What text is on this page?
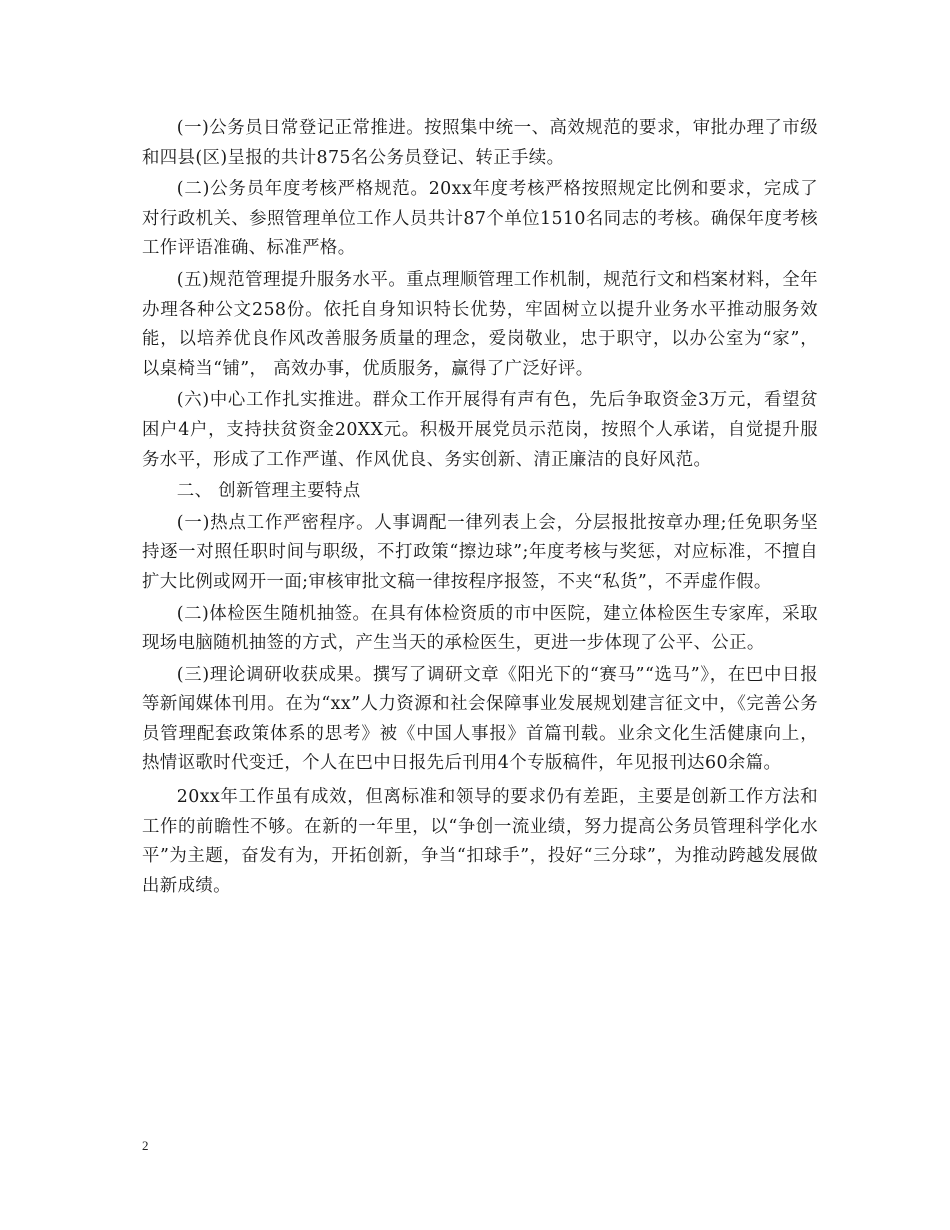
(一)公务员日常登记正常推进。按照集中统一、高效规范的要求，审批办理了市级和四县(区)呈报的共计875名公务员登记、转正手续。

(二)公务员年度考核严格规范。20xx年度考核严格按照规定比例和要求，完成了对行政机关、参照管理单位工作人员共计87个单位1510名同志的考核。确保年度考核工作评语准确、标准严格。

(五)规范管理提升服务水平。重点理顺管理工作机制，规范行文和档案材料，全年办理各种公文258份。依托自身知识特长优势，牢固树立以提升业务水平推动服务效能，以培养优良作风改善服务质量的理念，爱岗敬业，忠于职守，以办公室为“家”，以桌椅当“铺”， 高效办事，优质服务，赢得了广泛好评。

(六)中心工作扎实推进。群众工作开展得有声有色，先后争取资金3万元，看望贫困户4户，支持扶贫资金20XX元。积极开展党员示范岗，按照个人承诺，自觉提升服务水平，形成了工作严谨、作风优良、务实创新、清正廉洁的良好风范。

二、 创新管理主要特点

(一)热点工作严密程序。人事调配一律列表上会，分层报批按章办理;任免职务坚持逐一对照任职时间与职级，不打政策“擦边球”;年度考核与奖惩，对应标准，不擅自扩大比例或网开一面;审核审批文稿一律按程序报签，不夹“私货”，不弄虚作假。

(二)体检医生随机抽签。在具有体检资质的市中医院，建立体检医生专家库，采取现场电脑随机抽签的方式，产生当天的承检医生，更进一步体现了公平、公正。

(三)理论调研收获成果。撰写了调研文章《阳光下的“赛马”“选马”》，在巴中日报等新闻媒体刊用。在为“xx”人力资源和社会保障事业发展规划建言征文中，《完善公务员管理配套政策体系的思考》被《中国人事报》首篇刊载。业余文化生活健康向上，热情讴歌时代变迁，个人在巴中日报先后刊用4个专版稿件，年见报刊达60余篇。

20xx年工作虽有成效，但离标准和领导的要求仍有差距，主要是创新工作方法和工作的前瞻性不够。在新的一年里，以“争创一流业绩，努力提高公务员管理科学化水平”为主题，奋发有为，开拓创新，争当“扣球手”，投好“三分球”，为推动跨越发展做出新成绩。

2
